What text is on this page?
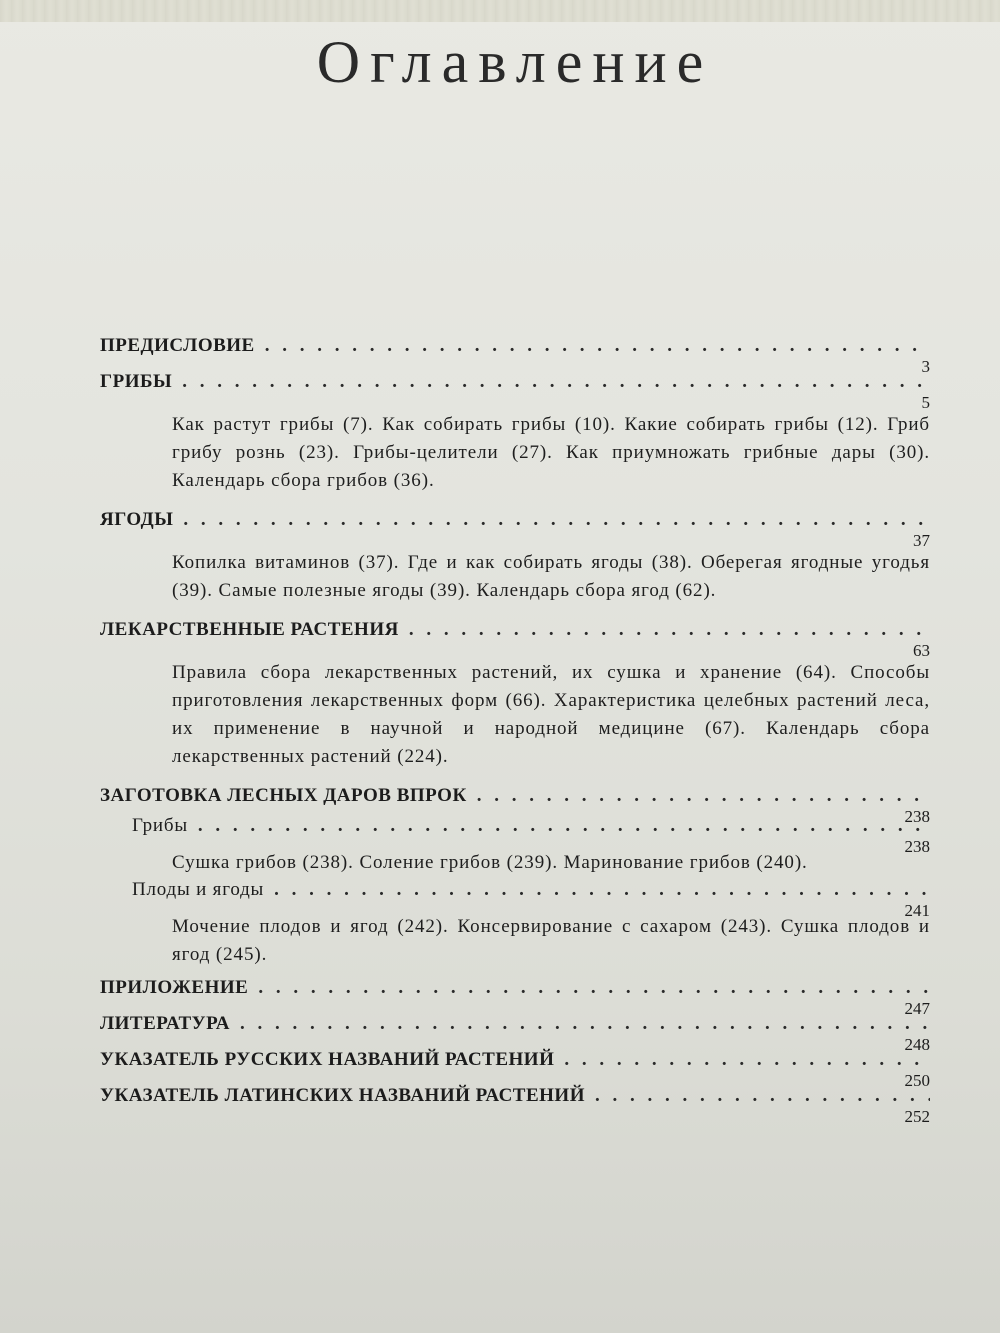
Оглавление
ПРЕДИСЛОВИЕ
. . .
3
ГРИБЫ
. . .
5
Как растут грибы (7). Как собирать грибы (10). Какие собирать грибы (12). Гриб грибу рознь (23). Грибы-целители (27). Как приумножать грибные дары (30). Календарь сбора грибов (36).
ЯГОДЫ
. . .
37
Копилка витаминов (37). Где и как собирать ягоды (38). Оберегая ягодные угодья (39). Самые полезные ягоды (39). Календарь сбора ягод (62).
ЛЕКАРСТВЕННЫЕ РАСТЕНИЯ
. . .
63
Правила сбора лекарственных растений, их сушка и хранение (64). Способы приготовления лекарственных форм (66). Характеристика целебных растений леса, их применение в научной и народной медицине (67). Календарь сбора лекарственных растений (224).
ЗАГОТОВКА ЛЕСНЫХ ДАРОВ ВПРОК
. . .
238
Грибы
. . .
238
Сушка грибов (238). Соление грибов (239). Маринование грибов (240).
Плоды и ягоды
. . .
241
Мочение плодов и ягод (242). Консервирование с сахаром (243). Сушка плодов и ягод (245).
ПРИЛОЖЕНИЕ
. . .
247
ЛИТЕРАТУРА
. . .
248
УКАЗАТЕЛЬ РУССКИХ НАЗВАНИЙ РАСТЕНИЙ
. . .
250
УКАЗАТЕЛЬ ЛАТИНСКИХ НАЗВАНИЙ РАСТЕНИЙ
. . .
252
